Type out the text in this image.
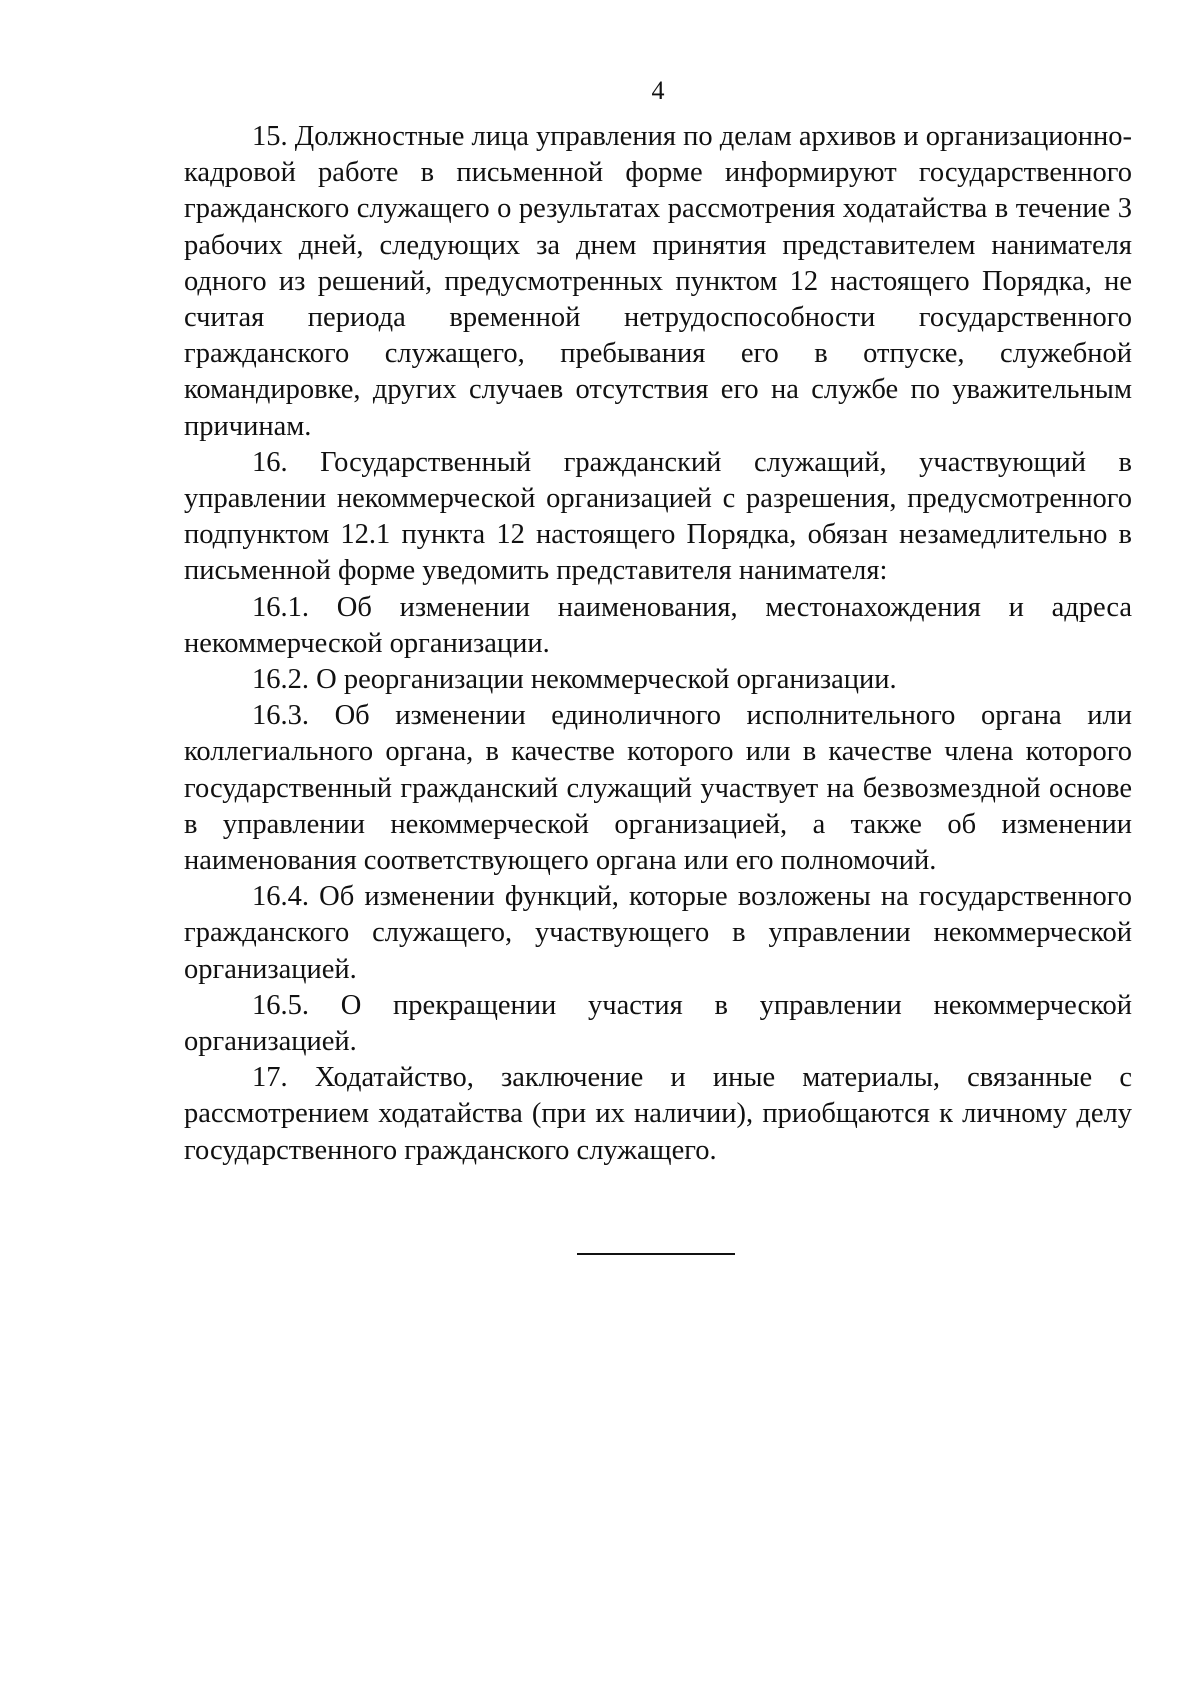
4

15. Должностные лица управления по делам архивов и организационно-кадровой работе в письменной форме информируют государственного гражданского служащего о результатах рассмотрения ходатайства в течение 3 рабочих дней, следующих за днем принятия представителем нанимателя одного из решений, предусмотренных пунктом 12 настоящего Порядка, не считая периода временной нетрудоспособности государственного гражданского служащего, пребывания его в отпуске, служебной командировке, других случаев отсутствия его на службе по уважительным причинам.

16. Государственный гражданский служащий, участвующий в управлении некоммерческой организацией с разрешения, предусмотренного подпунктом 12.1 пункта 12 настоящего Порядка, обязан незамедлительно в письменной форме уведомить представителя нанимателя:

16.1. Об изменении наименования, местонахождения и адреса некоммерческой организации.

16.2. О реорганизации некоммерческой организации.

16.3. Об изменении единоличного исполнительного органа или коллегиального органа, в качестве которого или в качестве члена которого государственный гражданский служащий участвует на безвозмездной основе в управлении некоммерческой организацией, а также об изменении наименования соответствующего органа или его полномочий.

16.4. Об изменении функций, которые возложены на государственного гражданского служащего, участвующего в управлении некоммерческой организацией.

16.5. О прекращении участия в управлении некоммерческой организацией.

17. Ходатайство, заключение и иные материалы, связанные с рассмотрением ходатайства (при их наличии), приобщаются к личному делу государственного гражданского служащего.
